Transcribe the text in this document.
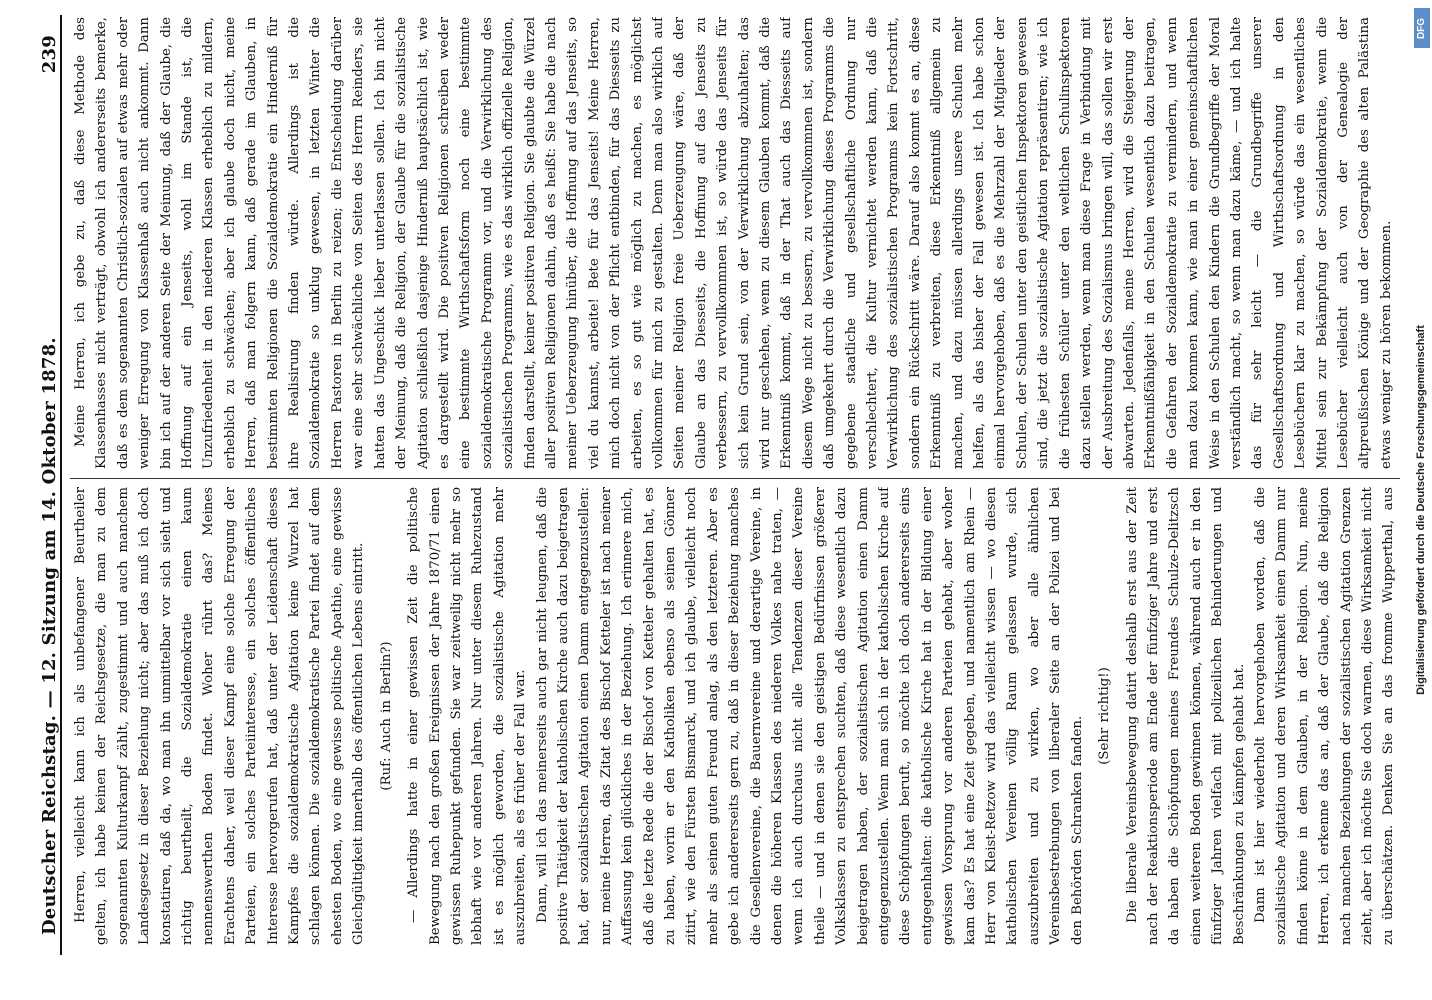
Deutscher Reichstag. — 12. Sitzung am 14. Oktober 1878.
239

Herren, vielleicht kann ich als unbefangener Beurtheiler gelten, ich habe keinen der Reichsgesetze, die man zu dem sogenannten Kulturkampf zählt, zugestimmt und auch manchem Landesgesetz in dieser Beziehung nicht; aber das muß ich doch konstatiren, daß da, wo man ihn unmittelbar vor sich sieht und richtig beurtheilt, die Sozialdemokratie einen kaum nennenswerthen Boden findet. Woher rührt das? Meines Erachtens daher, weil dieser Kampf eine solche Erregung der Parteien, ein solches Parteiinteresse, ein solches öffentliches Interesse hervorgerufen hat, daß unter der Leidenschaft dieses Kampfes die sozialdemokratische Agitation keine Wurzel hat schlagen können. Die sozialdemokratische Partei findet auf dem ehesten Boden, wo eine gewisse politische Apathie, eine gewisse Gleichgültigkeit innerhalb des öffentlichen Lebens eintritt. (Ruf: Auch in Berlin?) — Allerdings hatte in einer gewissen Zeit die politische Bewegung nach den großen Ereignissen der Jahre 1870/71 einen gewissen Ruhepunkt gefunden. Sie war zeitweilig nicht mehr so lebhaft wie vor anderen Jahren. Nur unter diesem Ruhezustand ist es möglich geworden, die sozialistische Agitation mehr auszubreiten, als es früher der Fall war. Dann, will ich das meinerseits auch gar nicht leugnen, daß die positive Thätigkeit der katholischen Kirche auch dazu beigetragen hat, der sozialistischen Agitation einen Damm entgegenzustellen: nur, meine Herren, das Zitat des Bischof Ketteler ist nach meiner Auffassung kein glückliches in der Beziehung. Ich erinnere mich, daß die letzte Rede die der Bischof von Ketteler gehalten hat, es zu haben, worin er den Katholiken ebenso als seinen Gönner zitirt, wie den Fürsten Bismarck, und ich glaube, vielleicht noch mehr als seinen guten Freund anlag, als den letzteren. Aber es gebe ich andererseits gern zu, daß in dieser Beziehung manches die Gesellenvereine, die Bauernvereine und derartige Vereine, in denen die höheren Klassen des niederen Volkes nahe traten, — wenn ich auch durchaus nicht alle Tendenzen dieser Vereine theile — und in denen sie den geistigen Bedürfnissen größerer Volksklassen zu entsprechen suchten, daß diese wesentlich dazu beigetragen haben, der sozialistischen Agitation einen Damm entgegenzustellen. Wenn man sich in der katholischen Kirche auf diese Schöpfungen beruft, so möchte ich doch andererseits eins entgegenhalten: die katholische Kirche hat in der Bildung einer gewissen Vorsprung vor anderen Parteien gehabt, aber woher kam das? Es hat eine Zeit gegeben, und namentlich am Rhein — Herr von Kleist-Retzow wird das vielleicht wissen — wo diesen katholischen Vereinen völlig Raum gelassen wurde, sich auszubreiten und zu wirken, wo aber alle ähnlichen Vereinsbestrebungen von liberaler Seite an der Polizei und bei den Behörden Schranken fanden. (Sehr richtig!) Die liberale Vereinsbewegung datirt deshalb erst aus der Zeit nach der Reaktionsperiode am Ende der fünfziger Jahre und erst da haben die Schöpfungen meines Freundes Schulze-Delitzsch einen weiteren Boden gewinnen können, während auch er in den fünfziger Jahren vielfach mit polizeilichen Behinderungen und Beschränkungen zu kämpfen gehabt hat. Dann ist hier wiederholt hervorgehoben worden, daß die sozialistische Agitation und deren Wirksamkeit einen Damm nur finden könne in dem Glauben, in der Religion. Nun, meine Herren, ich erkenne das an, daß der Glaube, daß die Religion nach manchen Beziehungen der sozialistischen Agitation Grenzen zieht, aber ich möchte Sie doch warnen, diese Wirksamkeit nicht zu überschätzen. Denken Sie an das fromme Wupperthal, aus

Meine Herren, ich gebe zu, daß diese Methode des Klassenhasses nicht verträgt, obwohl ich andererseits bemerke, daß es dem sogenannten Christlich-sozialen auf etwas mehr oder weniger Erregung von Klassenhaß auch nicht ankommt. Dann bin ich auf der anderen Seite der Meinung, daß der Glaube, die Hoffnung auf ein Jenseits, wohl im Stande ist, die Unzufriedenheit in den niederen Klassen erheblich zu mildern, erheblich zu schwächen; aber ich glaube doch nicht, meine Herren, daß man folgern kann, daß gerade im Glauben, in bestimmten Religionen die Sozialdemokratie ein Hinderniß für ihre Realisirung finden würde. Allerdings ist die Sozialdemokratie so unklug gewesen, in letzten Winter die Herren Pastoren in Berlin zu reizen; die Entscheidung darüber war eine sehr schwächliche von Seiten des Herrn Reinders, sie hatten das Ungeschick lieber unterlassen sollen. Ich bin nicht der Meinung, daß die Religion, der Glaube für die sozialistische Agitation schließlich dasjenige Hinderniß hauptsächlich ist, wie es dargestellt wird. Die positiven Religionen schreiben weder eine bestimmte Wirthschaftsform noch eine bestimmte sozialdemokratische Programm vor, und die Verwirklichung des sozialistischen Programms, wie es das wirklich offizielle Religion, finden darstellt, keiner positiven Religion. Sie glaubte die Würzel aller positiven Religionen dahin, daß es heißt: Sie habe die nach meiner Ueberzeugung hinüber, die Hoffnung auf das Jenseits, so viel du kannst, arbeite! Bete für das Jenseits! Meine Herren, mich doch nicht von der Pflicht entbinden, für das Diesseits zu arbeiten, es so gut wie möglich zu machen, es möglichst vollkommen für mich zu gestalten. Denn man also wirklich auf Seiten meiner Religion freie Ueberzeugung wäre, daß der Glaube an das Diesseits, die Hoffnung auf das Jenseits zu verbessern, zu vervollkommnen ist, so würde das Jenseits für sich kein Grund sein, von der Verwirklichung abzuhalten; das wird nur geschehen, wenn zu diesem Glauben kommt, daß die Erkenntniß kommt, daß in der That auch das Diesseits auf diesem Wege nicht zu bessern, zu vervollkommnen ist, sondern daß umgekehrt durch die Verwirklichung dieses Programms die gegebene staatliche und gesellschaftliche Ordnung nur verschlechtert, die Kultur vernichtet werden kann, daß die Verwirklichung des sozialistischen Programms kein Fortschritt, sondern ein Rückschritt wäre. Darauf also kommt es an, diese Erkenntniß zu verbreiten, diese Erkenntniß allgemein zu machen, und dazu müssen allerdings unsere Schulen mehr helfen, als das bisher der Fall gewesen ist. Ich habe schon einmal hervorgehoben, daß es die Mehrzahl der Mitglieder der Schulen, der Schulen unter den geistlichen Inspektoren gewesen sind, die jetzt die sozialistische Agitation repräsentiren; wie ich die frühesten Schüler unter den weltlichen Schulinspektoren dazu stellen werden, wenn man diese Frage in Verbindung mit der Ausbreitung des Sozialismus bringen will, das sollen wir erst abwarten. Jedenfalls, meine Herren, wird die Steigerung der Erkenntnißfähigkeit in den Schulen wesentlich dazu beitragen, die Gefahren der Sozialdemokratie zu vermindern, und wenn man dazu kommen kann, wie man in einer gemeinschaftlichen Weise in den Schulen den Kindern die Grundbegriffe der Moral verständlich macht, so wenn man dazu käme, — und ich halte das für sehr leicht — die Grundbegriffe unserer Gesellschaftsordnung und Wirthschaftsordnung in den Lesebüchern klar zu machen, so würde das ein wesentliches Mittel sein zur Bekämpfung der Sozialdemokratie, wenn die Lesebücher vielleicht auch von der Genealogie der altpreußischen Könige und der Geographie des alten Palästina etwas weniger zu hören bekommen.	Digitalisierung gefördert durch die Deutsche Forschungsgemeinschaft
DFG
